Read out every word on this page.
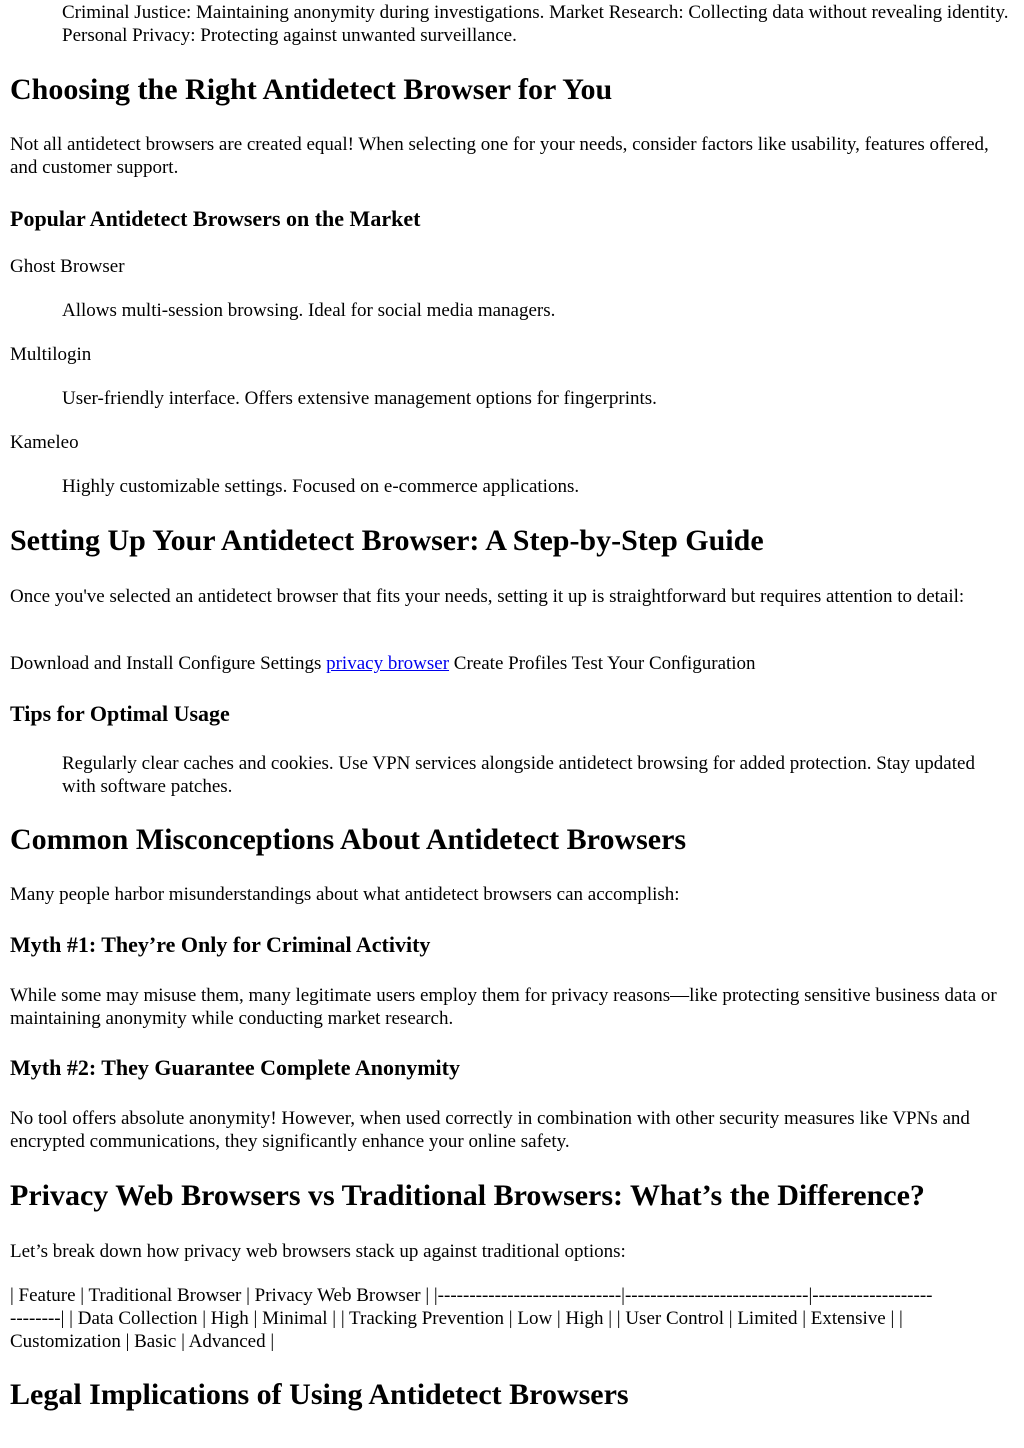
Criminal Justice: Maintaining anonymity during investigations. Market Research: Collecting data without revealing identity. Personal Privacy: Protecting against unwanted surveillance.

Choosing the Right Antidetect Browser for You

Not all antidetect browsers are created equal! When selecting one for your needs, consider factors like usability, features offered, and customer support.

Popular Antidetect Browsers on the Market

Ghost Browser

Allows multi-session browsing. Ideal for social media managers.

Multilogin

User-friendly interface. Offers extensive management options for fingerprints.

Kameleo

Highly customizable settings. Focused on e-commerce applications.

Setting Up Your Antidetect Browser: A Step-by-Step Guide

Once you've selected an antidetect browser that fits your needs, setting it up is straightforward but requires attention to detail:

Download and Install Configure Settings privacy browser Create Profiles Test Your Configuration

Tips for Optimal Usage

Regularly clear caches and cookies. Use VPN services alongside antidetect browsing for added protection. Stay updated with software patches.

Common Misconceptions About Antidetect Browsers

Many people harbor misunderstandings about what antidetect browsers can accomplish:

Myth #1: They’re Only for Criminal Activity

While some may misuse them, many legitimate users employ them for privacy reasons—like protecting sensitive business data or maintaining anonymity while conducting market research.

Myth #2: They Guarantee Complete Anonymity

No tool offers absolute anonymity! However, when used correctly in combination with other security measures like VPNs and encrypted communications, they significantly enhance your online safety.

Privacy Web Browsers vs Traditional Browsers: What’s the Difference?

Let’s break down how privacy web browsers stack up against traditional options:

| Feature | Traditional Browser | Privacy Web Browser | |-----------------------------|-----------------------------|-------------------
--------| | Data Collection | High | Minimal | | Tracking Prevention | Low | High | | User Control | Limited | Extensive | |
Customization | Basic | Advanced |
Legal Implications of Using Antidetect Browsers
